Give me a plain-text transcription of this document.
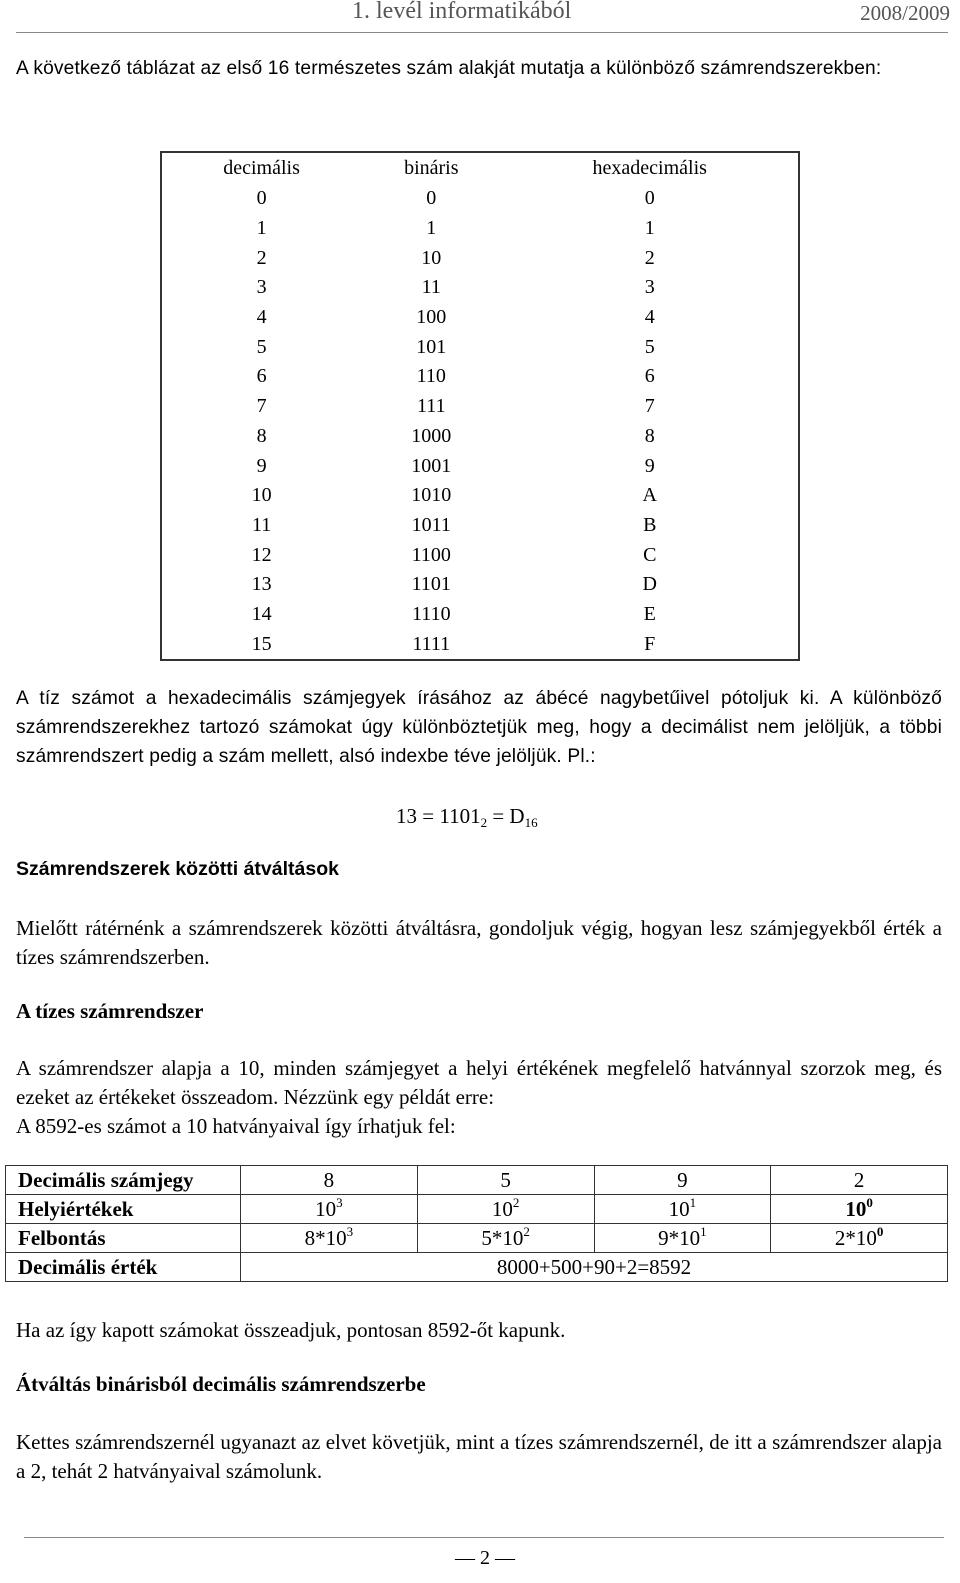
1. levél informatikából	2008/2009

A következő táblázat az első 16 természetes szám alakját mutatja a különböző számrendszerekben:

decimális	bináris	hexadecimális
0	0	0
1	1	1
2	10	2
3	11	3
4	100	4
5	101	5
6	110	6
7	111	7
8	1000	8
9	1001	9
10	1010	A
11	1011	B
12	1100	C
13	1101	D
14	1110	E
15	1111	F

A tíz számot a hexadecimális számjegyek írásához az ábécé nagybetűivel pótoljuk ki. A különböző számrendszerekhez tartozó számokat úgy különböztetjük meg, hogy a decimálist nem jelöljük, a többi számrendszert pedig a szám mellett, alsó indexbe téve jelöljük. Pl.:

$13 = 1101_2 = D_{16}$
Számrendszerek közötti átváltások

Mielőtt rátérnénk a számrendszerek közötti átváltásra, gondoljuk végig, hogyan lesz számjegyekből érték a tízes számrendszerben.

A tízes számrendszer

A számrendszer alapja a 10, minden számjegyet a helyi értékének megfelelő hatvánnyal szorzok meg, és ezeket az értékeket összeadom. Nézzünk egy példát erre:

A 8592-es számot a 10 hatványaival így írhatjuk fel:

Decimális számjegy	8	5	9	2
Helyiértékek	$10^3$	$10^2$	$10^1$	$10^0$
Felbontás	$8*10^3$	$5*10^2$	$9*10^1$	$2*10^0$
Decimális érték	8000+500+90+2=8592			

Ha az így kapott számokat összeadjuk, pontosan 8592-őt kapunk.

Átváltás binárisból decimális számrendszerbe

Kettes számrendszernél ugyanazt az elvet követjük, mint a tízes számrendszernél, de itt a számrendszer alapja a 2, tehát 2 hatványaival számolunk.

— 2 —
